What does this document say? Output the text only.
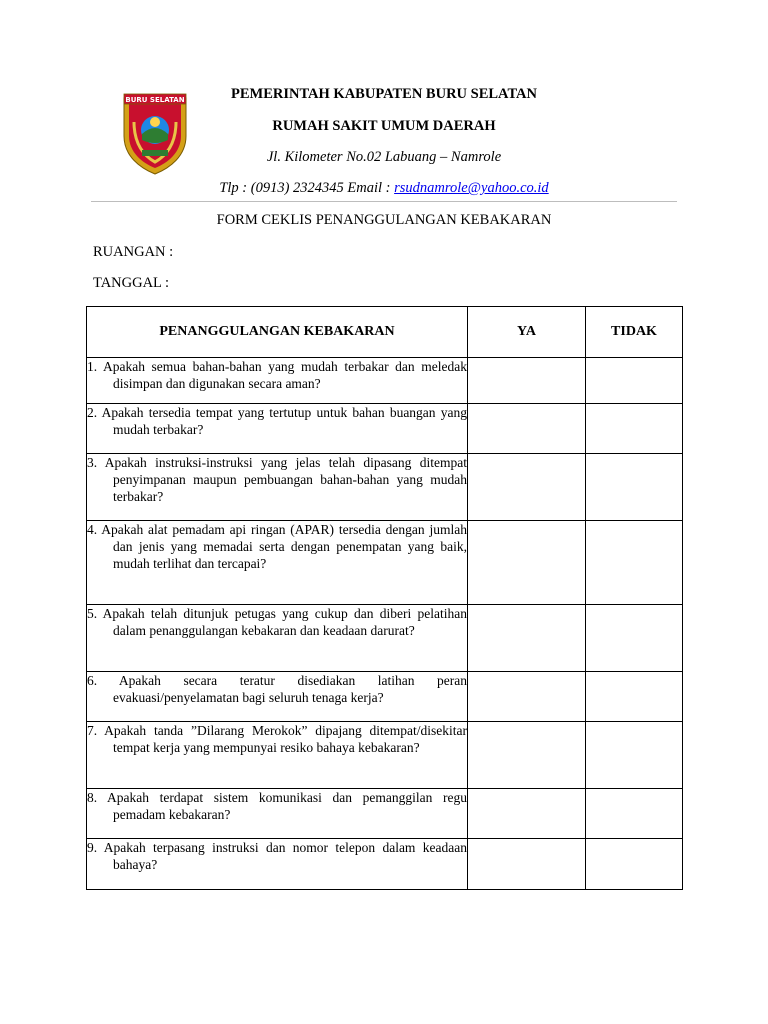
BURU SELATAN	PEMERINTAH KABUPATEN BURU SELATAN
RUMAH SAKIT UMUM DAERAH
Jl. Kilometer No.02 Labuang – Namrole
Tlp : (0913) 2324345 Email : rsudnamrole@yahoo.co.id
FORM CEKLIS PENANGGULANGAN KEBAKARAN
RUANGAN :
TANGGAL :
PENANGGULANGAN KEBAKARAN	YA	TIDAK

1. Apakah semua bahan-bahan yang mudah terbakar dan meledak disimpan dan digunakan secara aman?		

2. Apakah tersedia tempat yang tertutup untuk bahan buangan yang mudah terbakar?		

3. Apakah instruksi-instruksi yang jelas telah dipasang ditempat penyimpanan maupun pembuangan bahan-bahan yang mudah terbakar?		

4. Apakah alat pemadam api ringan (APAR) tersedia dengan jumlah dan jenis yang memadai serta dengan penempatan yang baik, mudah terlihat dan tercapai?		

5. Apakah telah ditunjuk petugas yang cukup dan diberi pelatihan dalam penanggulangan kebakaran dan keadaan darurat?		

6. Apakah secara teratur disediakan latihan peran evakuasi/penyelamatan bagi seluruh tenaga kerja?		

7. Apakah tanda ”Dilarang Merokok” dipajang ditempat/disekitar tempat kerja yang mempunyai resiko bahaya kebakaran?		

8. Apakah terdapat sistem komunikasi dan pemanggilan regu pemadam kebakaran?		

9. Apakah terpasang instruksi dan nomor telepon dalam keadaan bahaya?		
